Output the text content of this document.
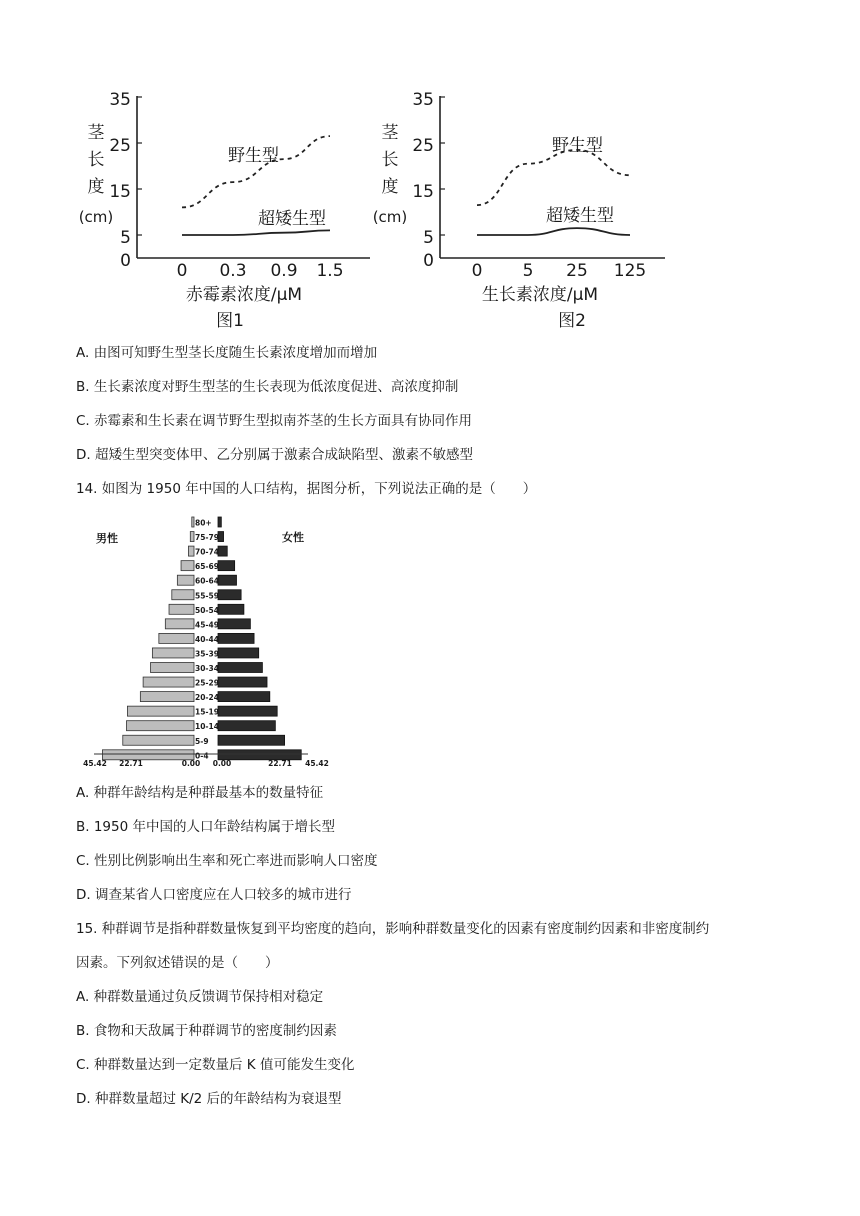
茎
长
度
(cm)
35
25
15
5
0	0 0.3 0.9 1.5
野生型
超矮生型
赤霉素浓度/μM
图1
茎
长
度
(cm)
35
25
15
5
0 0 5 25 125
野生型
超矮生型
生长素浓度/μM
图2
A. 由图可知野生型茎长度随生长素浓度增加而增加
B. 生长素浓度对野生型茎的生长表现为低浓度促进、高浓度抑制
C. 赤霉素和生长素在调节野生型拟南芥茎的生长方面具有协同作用
D. 超矮生型突变体甲、乙分别属于激素合成缺陷型、激素不敏感型
14. 如图为 1950 年中国的人口结构，据图分析，下列说法正确的是（　　）
男性	女性
80+
75-79
70-74
65-69
60-64
55-59
50-54
45-49
40-44
35-39
30-34
25-29
20-24
15-19
10-14
5-9
0-4
45.42 22.71	0.00 0.00	22.71 45.42
A. 种群年龄结构是种群最基本的数量特征
B. 1950 年中国的人口年龄结构属于增长型
C. 性别比例影响出生率和死亡率进而影响人口密度
D. 调查某省人口密度应在人口较多的城市进行
15. 种群调节是指种群数量恢复到平均密度的趋向，影响种群数量变化的因素有密度制约因素和非密度制约
因素。下列叙述错误的是（　　）
A. 种群数量通过负反馈调节保持相对稳定
B. 食物和天敌属于种群调节的密度制约因素
C. 种群数量达到一定数量后 K 值可能发生变化
D. 种群数量超过 K/2 后的年龄结构为衰退型
